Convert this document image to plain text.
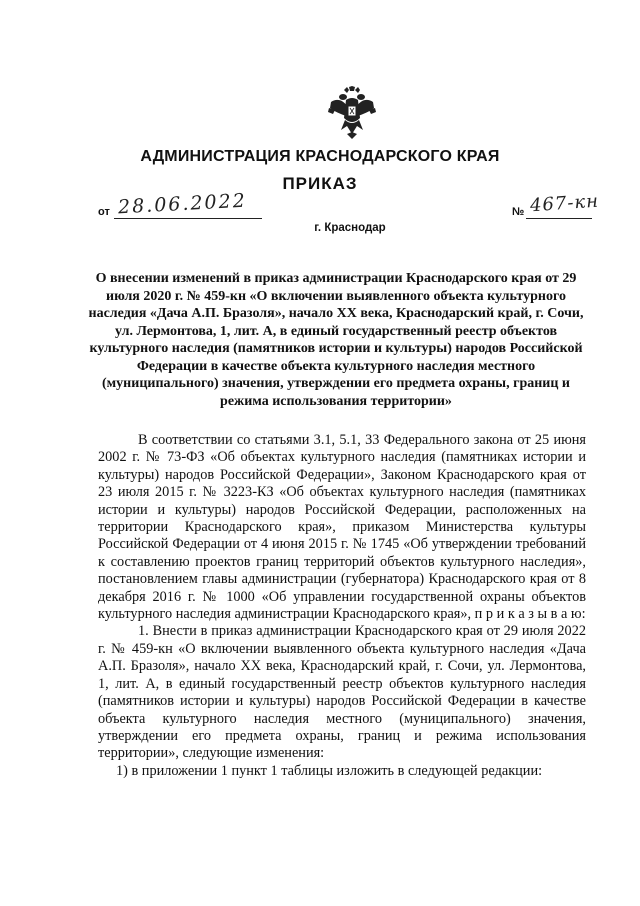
АДМИНИСТРАЦИЯ КРАСНОДАРСКОГО КРАЯ
ПРИКАЗ
от 28.06.2022	№ 467-кн
г. Краснодар
О внесении изменений в приказ администрации Краснодарского края от 29 июля 2020 г. № 459-кн «О включении выявленного объекта культурного наследия «Дача А.П. Бразоля», начало XX века, Краснодарский край, г. Сочи, ул. Лермонтова, 1, лит. А, в единый государственный реестр объектов культурного наследия (памятников истории и культуры) народов Российской Федерации в качестве объекта культурного наследия местного (муниципального) значения, утверждении его предмета охраны, границ и режима использования территории»

В соответствии со статьями 3.1, 5.1, 33 Федерального закона от 25 июня 2002 г. № 73-ФЗ «Об объектах культурного наследия (памятниках истории и культуры) народов Российской Федерации», Законом Краснодарского края от 23 июля 2015 г. № 3223-КЗ «Об объектах культурного наследия (памятниках истории и культуры) народов Российской Федерации, расположенных на территории Краснодарского края», приказом Министерства культуры Российской Федерации от 4 июня 2015 г. № 1745 «Об утверждении требований к составлению проектов границ территорий объектов культурного наследия», постановлением главы администрации (губернатора) Краснодарского края от 8 декабря 2016 г. № 1000 «Об управлении государственной охраны объектов культурного наследия администрации Краснодарского края», п р и к а з ы в а ю:

1. Внести в приказ администрации Краснодарского края от 29 июля 2022 г. № 459-кн «О включении выявленного объекта культурного наследия «Дача А.П. Бразоля», начало XX века, Краснодарский край, г. Сочи, ул. Лермонтова, 1, лит. А, в единый государственный реестр объектов культурного наследия (памятников истории и культуры) народов Российской Федерации в качестве объекта культурного наследия местного (муниципального) значения, утверждении его предмета охраны, границ и режима использования территории», следующие изменения:

1) в приложении 1 пункт 1 таблицы изложить в следующей редакции:
